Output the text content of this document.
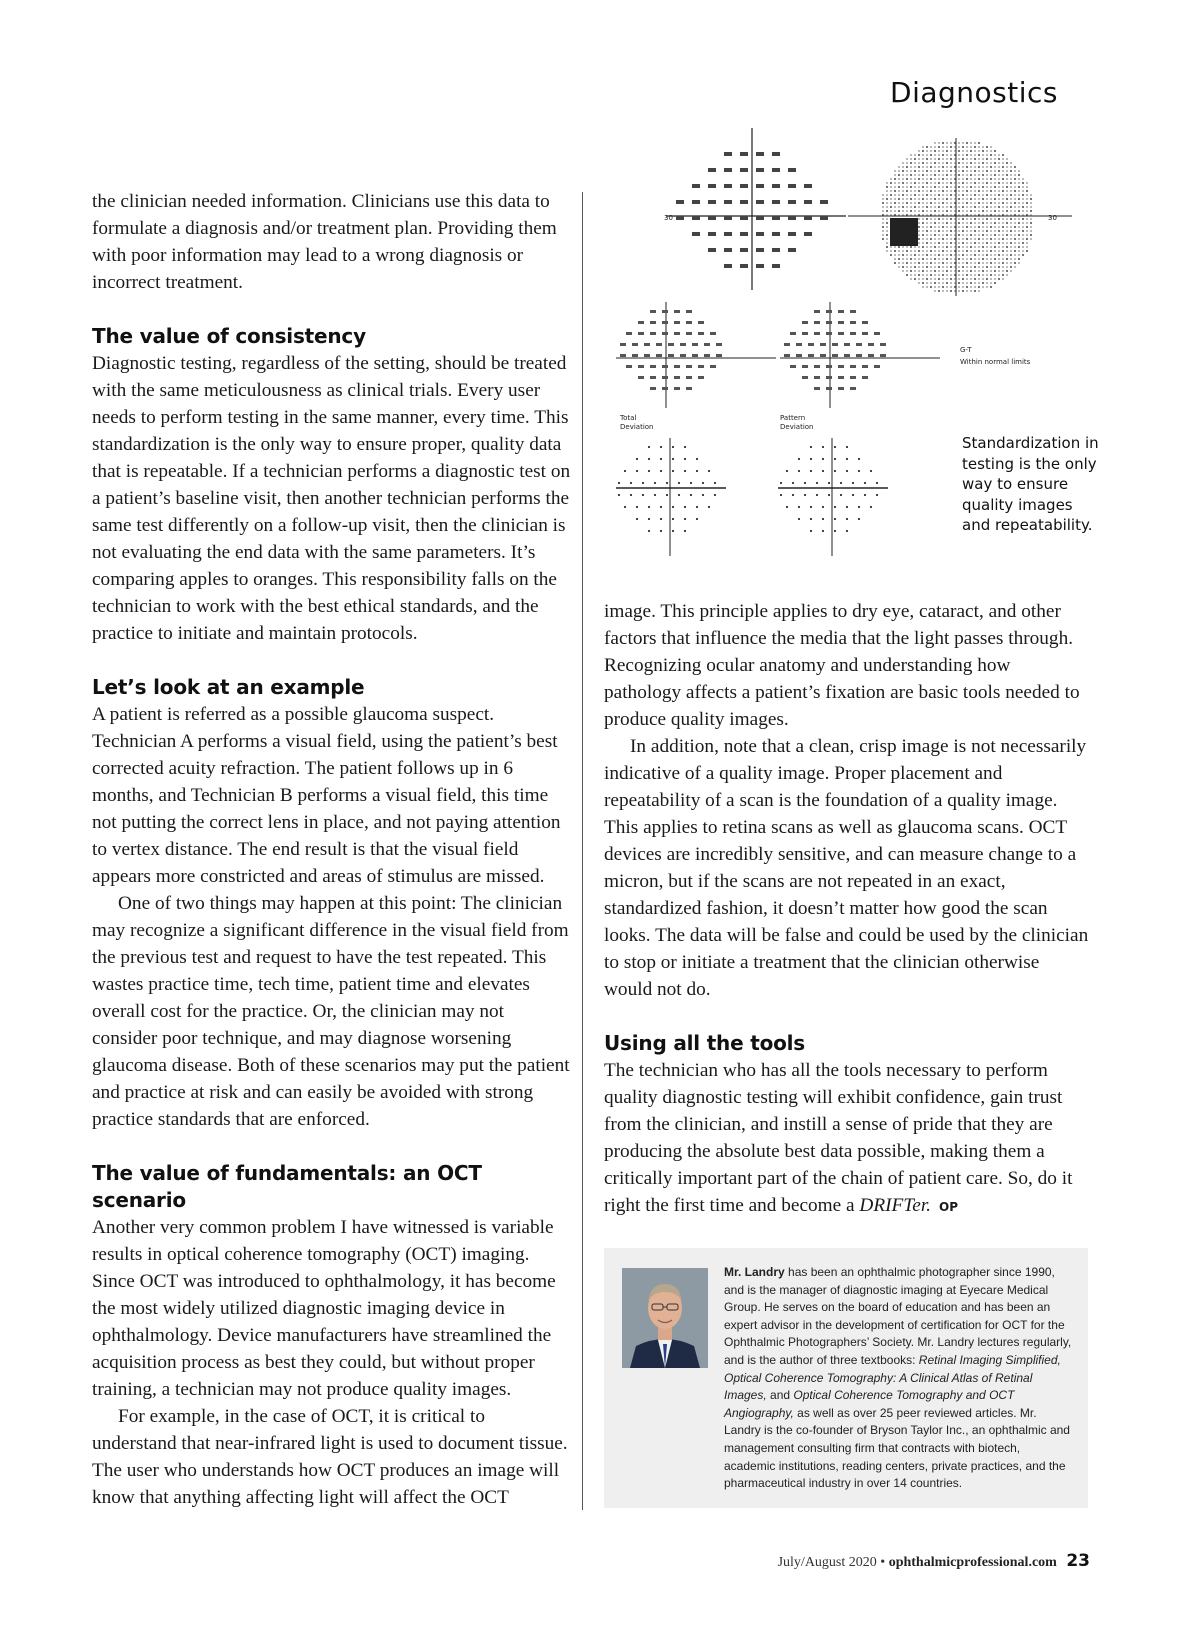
Diagnostics

the clinician needed information. Clinicians use this data to formulate a diagnosis and/or treatment plan. Providing them with poor information may lead to a wrong diagnosis or incorrect treatment.

The value of consistency

Diagnostic testing, regardless of the setting, should be treated with the same meticulousness as clinical trials. Every user needs to perform testing in the same manner, every time. This standardization is the only way to ensure proper, quality data that is repeatable. If a technician performs a diagnostic test on a patient’s baseline visit, then another technician performs the same test differently on a follow-up visit, then the clinician is not evaluating the end data with the same parameters. It’s comparing apples to oranges. This responsibility falls on the technician to work with the best ethical standards, and the practice to initiate and maintain protocols.

Let’s look at an example

A patient is referred as a possible glaucoma suspect. Technician A performs a visual field, using the patient’s best corrected acuity refraction. The patient follows up in 6 months, and Technician B performs a visual field, this time not putting the correct lens in place, and not paying attention to vertex distance. The end result is that the visual field appears more constricted and areas of stimulus are missed.

One of two things may happen at this point: The clinician may recognize a significant difference in the visual field from the previous test and request to have the test repeated. This wastes practice time, tech time, patient time and elevates overall cost for the practice. Or, the clinician may not consider poor technique, and may diagnose worsening glaucoma disease. Both of these scenarios may put the patient and practice at risk and can easily be avoided with strong practice standards that are enforced.

The value of fundamentals: an OCT scenario

Another very common problem I have witnessed is variable results in optical coherence tomography (OCT) imaging. Since OCT was introduced to ophthalmology, it has become the most widely utilized diagnostic imaging device in ophthalmology. Device manufacturers have streamlined the acquisition process as best they could, but without proper training, a technician may not produce quality images.

For example, in the case of OCT, it is critical to understand that near-infrared light is used to document tissue. The user who understands how OCT produces an image will know that anything affecting light will affect the OCT

30	30
Total
Deviation
Pattern
Deviation
G-T
Within normal limits
Standardization in testing is the only way to ensure quality images and repeatability.

image. This principle applies to dry eye, cataract, and other factors that influence the media that the light passes through. Recognizing ocular anatomy and understanding how pathology affects a patient’s fixation are basic tools needed to produce quality images.

In addition, note that a clean, crisp image is not necessarily indicative of a quality image. Proper placement and repeatability of a scan is the foundation of a quality image. This applies to retina scans as well as glaucoma scans. OCT devices are incredibly sensitive, and can measure change to a micron, but if the scans are not repeated in an exact, standardized fashion, it doesn’t matter how good the scan looks. The data will be false and could be used by the clinician to stop or initiate a treatment that the clinician otherwise would not do.

Using all the tools

The technician who has all the tools necessary to perform quality diagnostic testing will exhibit confidence, gain trust from the clinician, and instill a sense of pride that they are producing the absolute best data possible, making them a critically important part of the chain of patient care. So, do it right the first time and become a DRIFTer. OP

Mr. Landry has been an ophthalmic photographer since 1990, and is the manager of diagnostic imaging at Eyecare Medical Group. He serves on the board of education and has been an expert advisor in the development of certification for OCT for the Ophthalmic Photographers’ Society. Mr. Landry lectures regularly, and is the author of three textbooks: Retinal Imaging Simplified, Optical Coherence Tomography: A Clinical Atlas of Retinal Images, and Optical Coherence Tomography and OCT Angiography, as well as over 25 peer reviewed articles. Mr. Landry is the co-founder of Bryson Taylor Inc., an ophthalmic and management consulting firm that contracts with biotech, academic institutions, reading centers, private practices, and the pharmaceutical industry in over 14 countries.
July/August 2020 • ophthalmicprofessional.com 23
